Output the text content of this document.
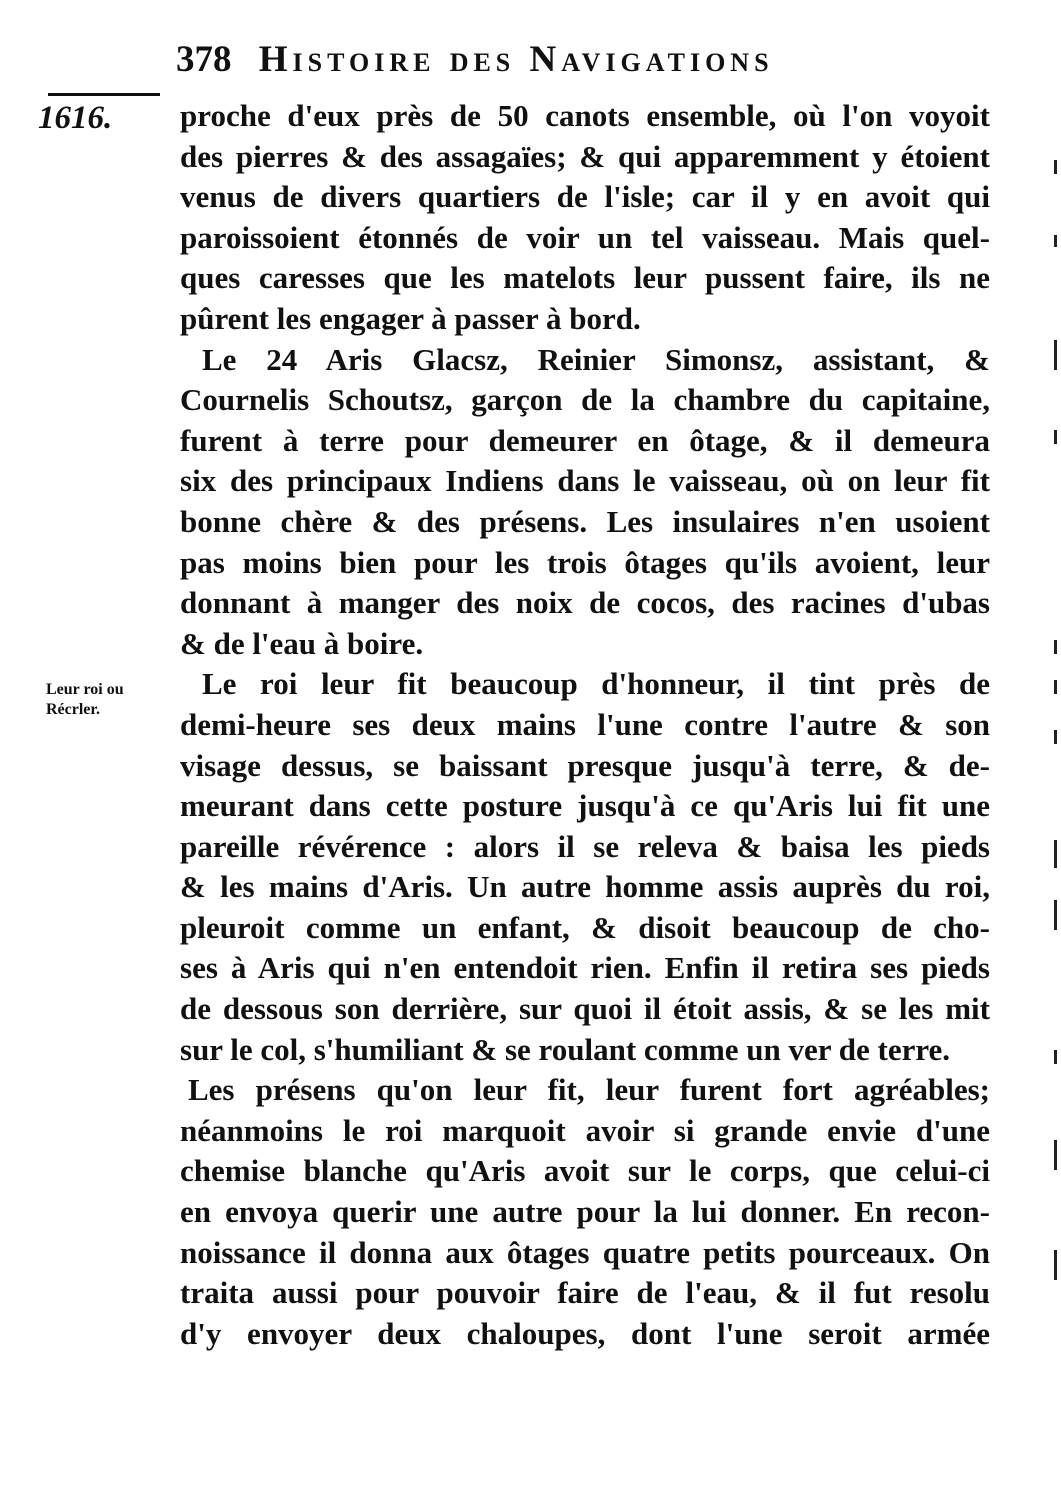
378 Histoire des Navigations
1616.
Leur roi ou Récrler.
proche d'eux près de 50 canots ensemble, où l'on voyoit
des pierres & des assagaïes; & qui apparemment y étoient
venus de divers quartiers de l'isle; car il y en avoit qui
paroissoient étonnés de voir un tel vaisseau. Mais quel-
ques caresses que les matelots leur pussent faire, ils ne
pûrent les engager à passer à bord.
Le 24 Aris Glacsz, Reinier Simonsz, assistant, &
Cournelis Schoutsz, garçon de la chambre du capitaine,
furent à terre pour demeurer en ôtage, & il demeura
six des principaux Indiens dans le vaisseau, où on leur fit
bonne chère & des présens. Les insulaires n'en usoient
pas moins bien pour les trois ôtages qu'ils avoient, leur
donnant à manger des noix de cocos, des racines d'ubas
& de l'eau à boire.
Le roi leur fit beaucoup d'honneur, il tint près de
demi-heure ses deux mains l'une contre l'autre & son
visage dessus, se baissant presque jusqu'à terre, & de-
meurant dans cette posture jusqu'à ce qu'Aris lui fit une
pareille révérence : alors il se releva & baisa les pieds
& les mains d'Aris. Un autre homme assis auprès du roi,
pleuroit comme un enfant, & disoit beaucoup de cho-
ses à Aris qui n'en entendoit rien. Enfin il retira ses pieds
de dessous son derrière, sur quoi il étoit assis, & se les mit
sur le col, s'humiliant & se roulant comme un ver de terre.
Les présens qu'on leur fit, leur furent fort agréables;
néanmoins le roi marquoit avoir si grande envie d'une
chemise blanche qu'Aris avoit sur le corps, que celui-ci
en envoya querir une autre pour la lui donner. En recon-
noissance il donna aux ôtages quatre petits pourceaux. On
traita aussi pour pouvoir faire de l'eau, & il fut resolu
d'y envoyer deux chaloupes, dont l'une seroit armée
